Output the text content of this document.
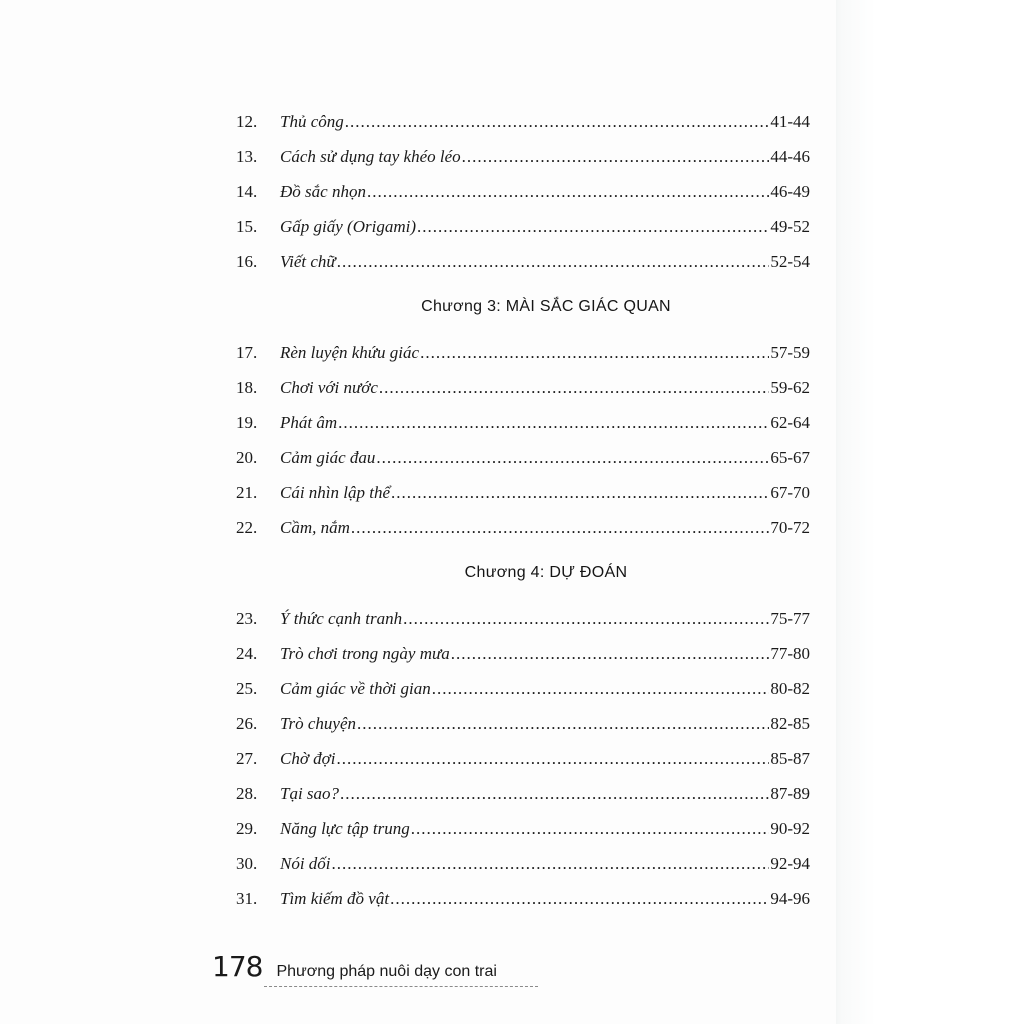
12.	Thủ công .....	41-44
13.	Cách sử dụng tay khéo léo .....	44-46
14.	Đồ sắc nhọn .....	46-49
15.	Gấp giấy (Origami) .....	49-52
16.	Viết chữ .....	52-54
Chương 3: MÀI SẮC GIÁC QUAN
17.	Rèn luyện khứu giác .....	57-59
18.	Chơi với nước .....	59-62
19.	Phát âm .....	62-64
20.	Cảm giác đau .....	65-67
21.	Cái nhìn lập thể .....	67-70
22.	Cầm, nắm .....	70-72
Chương 4: DỰ ĐOÁN
23.	Ý thức cạnh tranh .....	75-77
24.	Trò chơi trong ngày mưa .....	77-80
25.	Cảm giác về thời gian .....	80-82
26.	Trò chuyện .....	82-85
27.	Chờ đợi .....	85-87
28.	Tại sao? .....	87-89
29.	Năng lực tập trung .....	90-92
30.	Nói dối .....	92-94
31.	Tìm kiếm đồ vật .....	94-96
178 Phương pháp nuôi dạy con trai
